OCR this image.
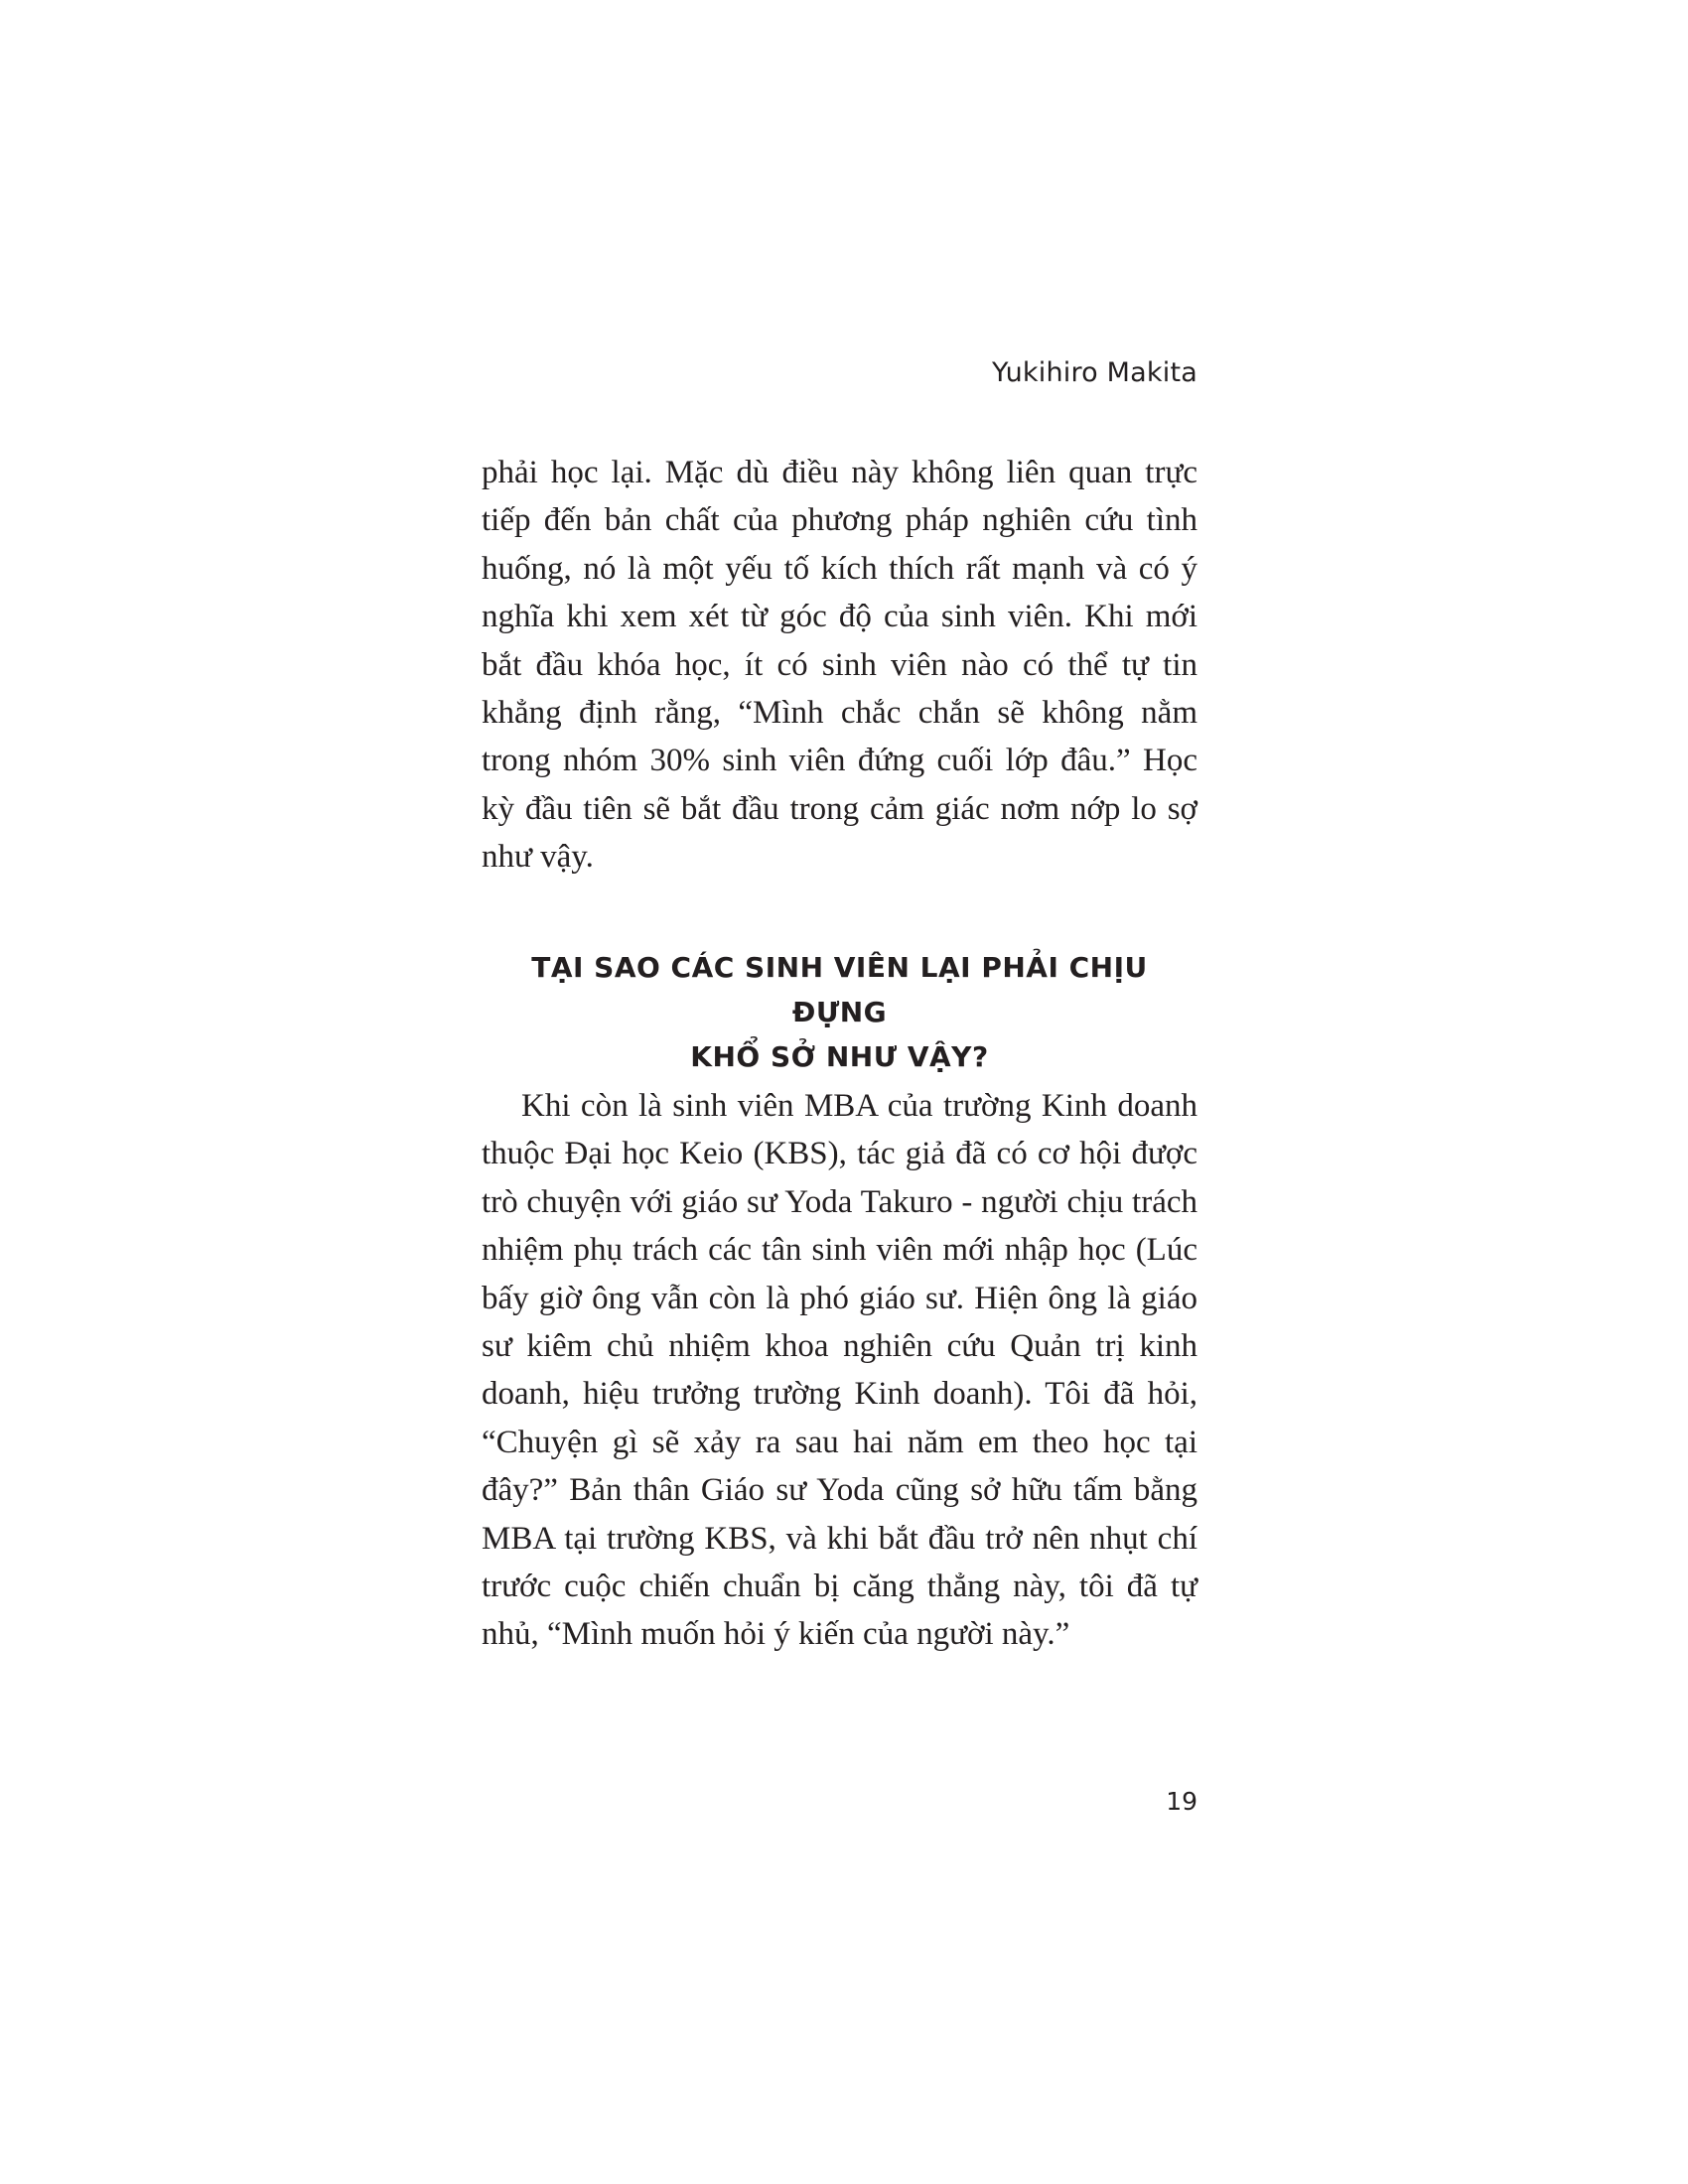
Yukihiro Makita

phải học lại. Mặc dù điều này không liên quan trực tiếp đến bản chất của phương pháp nghiên cứu tình huống, nó là một yếu tố kích thích rất mạnh và có ý nghĩa khi xem xét từ góc độ của sinh viên. Khi mới bắt đầu khóa học, ít có sinh viên nào có thể tự tin khẳng định rằng, “Mình chắc chắn sẽ không nằm trong nhóm 30% sinh viên đứng cuối lớp đâu.” Học kỳ đầu tiên sẽ bắt đầu trong cảm giác nơm nớp lo sợ như vậy.

TẠI SAO CÁC SINH VIÊN LẠI PHẢI CHỊU ĐỰNG
KHỔ SỞ NHƯ VẬY?

Khi còn là sinh viên MBA của trường Kinh doanh thuộc Đại học Keio (KBS), tác giả đã có cơ hội được trò chuyện với giáo sư Yoda Takuro - người chịu trách nhiệm phụ trách các tân sinh viên mới nhập học (Lúc bấy giờ ông vẫn còn là phó giáo sư. Hiện ông là giáo sư kiêm chủ nhiệm khoa nghiên cứu Quản trị kinh doanh, hiệu trưởng trường Kinh doanh). Tôi đã hỏi, “Chuyện gì sẽ xảy ra sau hai năm em theo học tại đây?” Bản thân Giáo sư Yoda cũng sở hữu tấm bằng MBA tại trường KBS, và khi bắt đầu trở nên nhụt chí trước cuộc chiến chuẩn bị căng thẳng này, tôi đã tự nhủ, “Mình muốn hỏi ý kiến của người này.”

19
